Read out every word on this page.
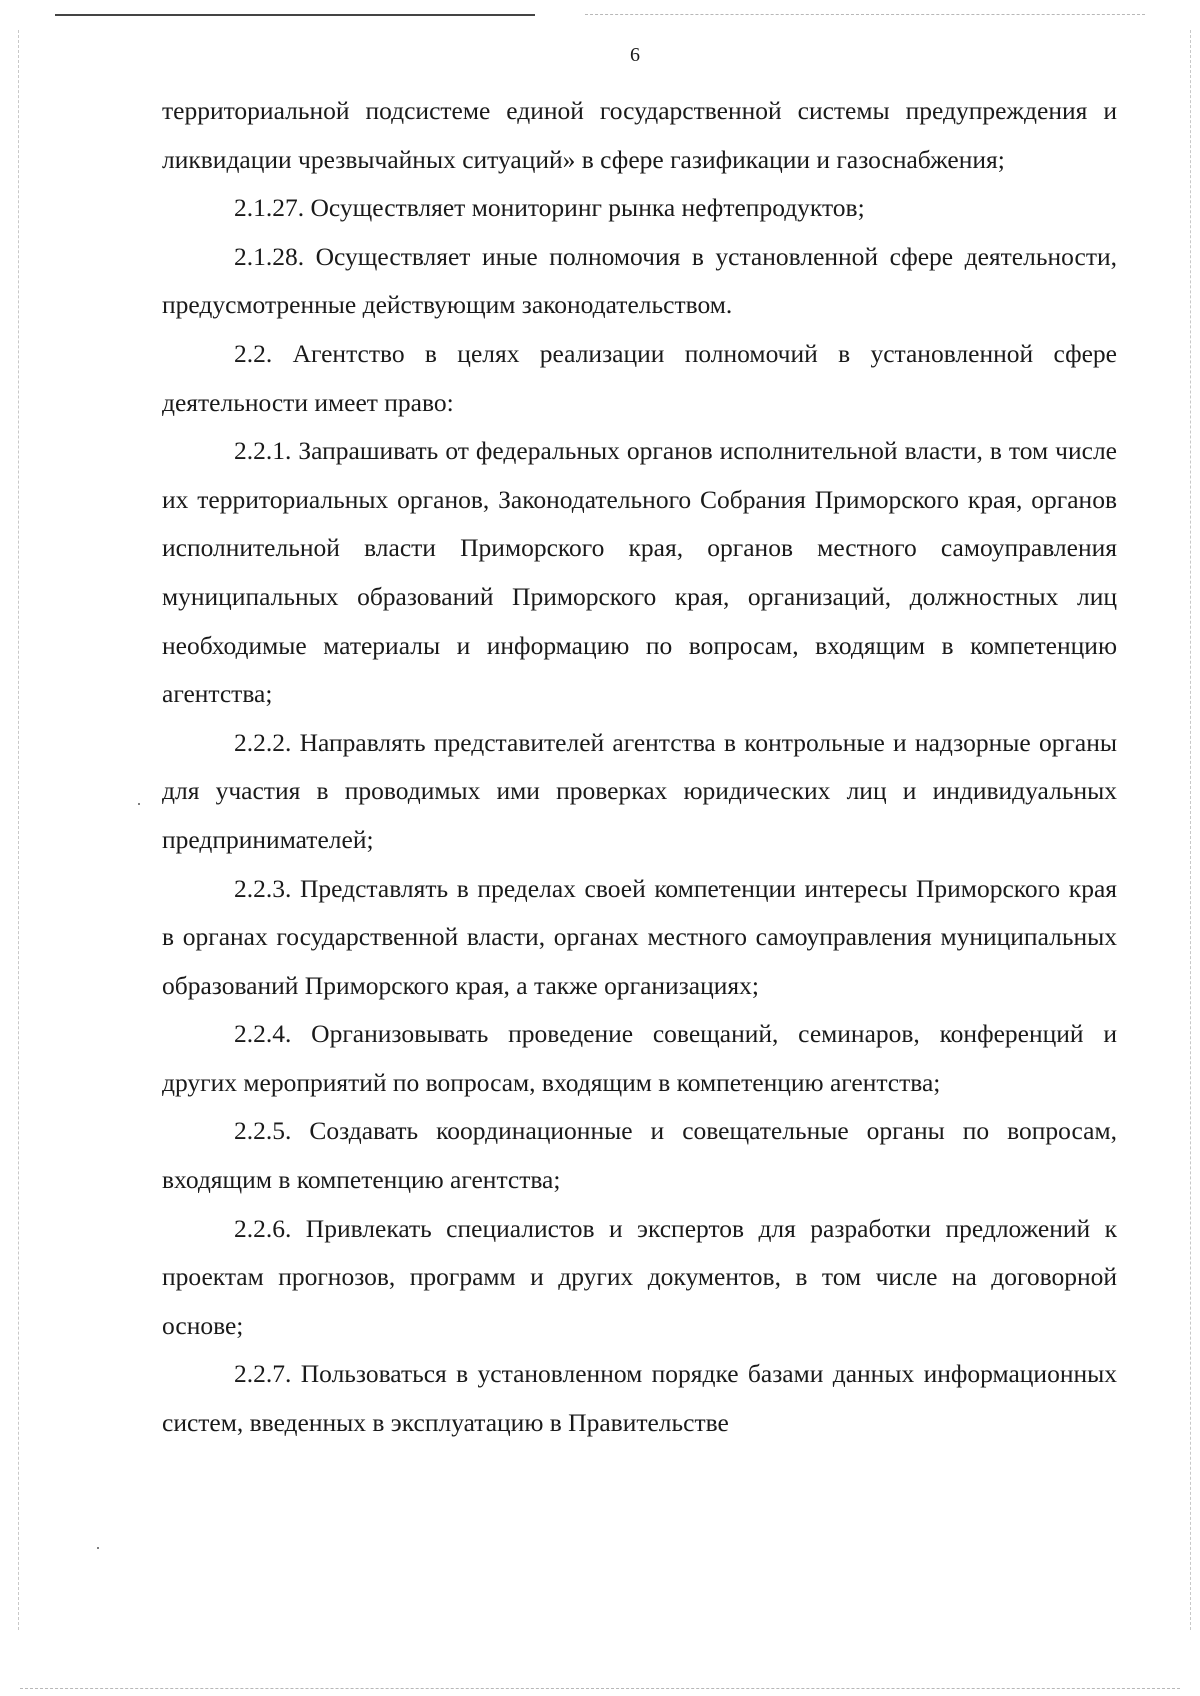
6

территориальной подсистеме единой государственной системы предупреждения и ликвидации чрезвычайных ситуаций» в сфере газификации и газоснабжения;

2.1.27. Осуществляет мониторинг рынка нефтепродуктов;

2.1.28. Осуществляет иные полномочия в установленной сфере деятельности, предусмотренные действующим законодательством.

2.2. Агентство в целях реализации полномочий в установленной сфере деятельности имеет право:

2.2.1. Запрашивать от федеральных органов исполнительной власти, в том числе их территориальных органов, Законодательного Собрания Приморского края, органов исполнительной власти Приморского края, органов местного самоуправления муниципальных образований Приморского края, организаций, должностных лиц необходимые материалы и информацию по вопросам, входящим в компетенцию агентства;

2.2.2. Направлять представителей агентства в контрольные и надзорные органы для участия в проводимых ими проверках юридических лиц и индивидуальных предпринимателей;

2.2.3. Представлять в пределах своей компетенции интересы Приморского края в органах государственной власти, органах местного самоуправления муниципальных образований Приморского края, а также организациях;

2.2.4. Организовывать проведение совещаний, семинаров, конференций и других мероприятий по вопросам, входящим в компетенцию агентства;

2.2.5. Создавать координационные и совещательные органы по вопросам, входящим в компетенцию агентства;

2.2.6. Привлекать специалистов и экспертов для разработки предложений к проектам прогнозов, программ и других документов, в том числе на договорной основе;

2.2.7. Пользоваться в установленном порядке базами данных информационных систем, введенных в эксплуатацию в Правительстве
